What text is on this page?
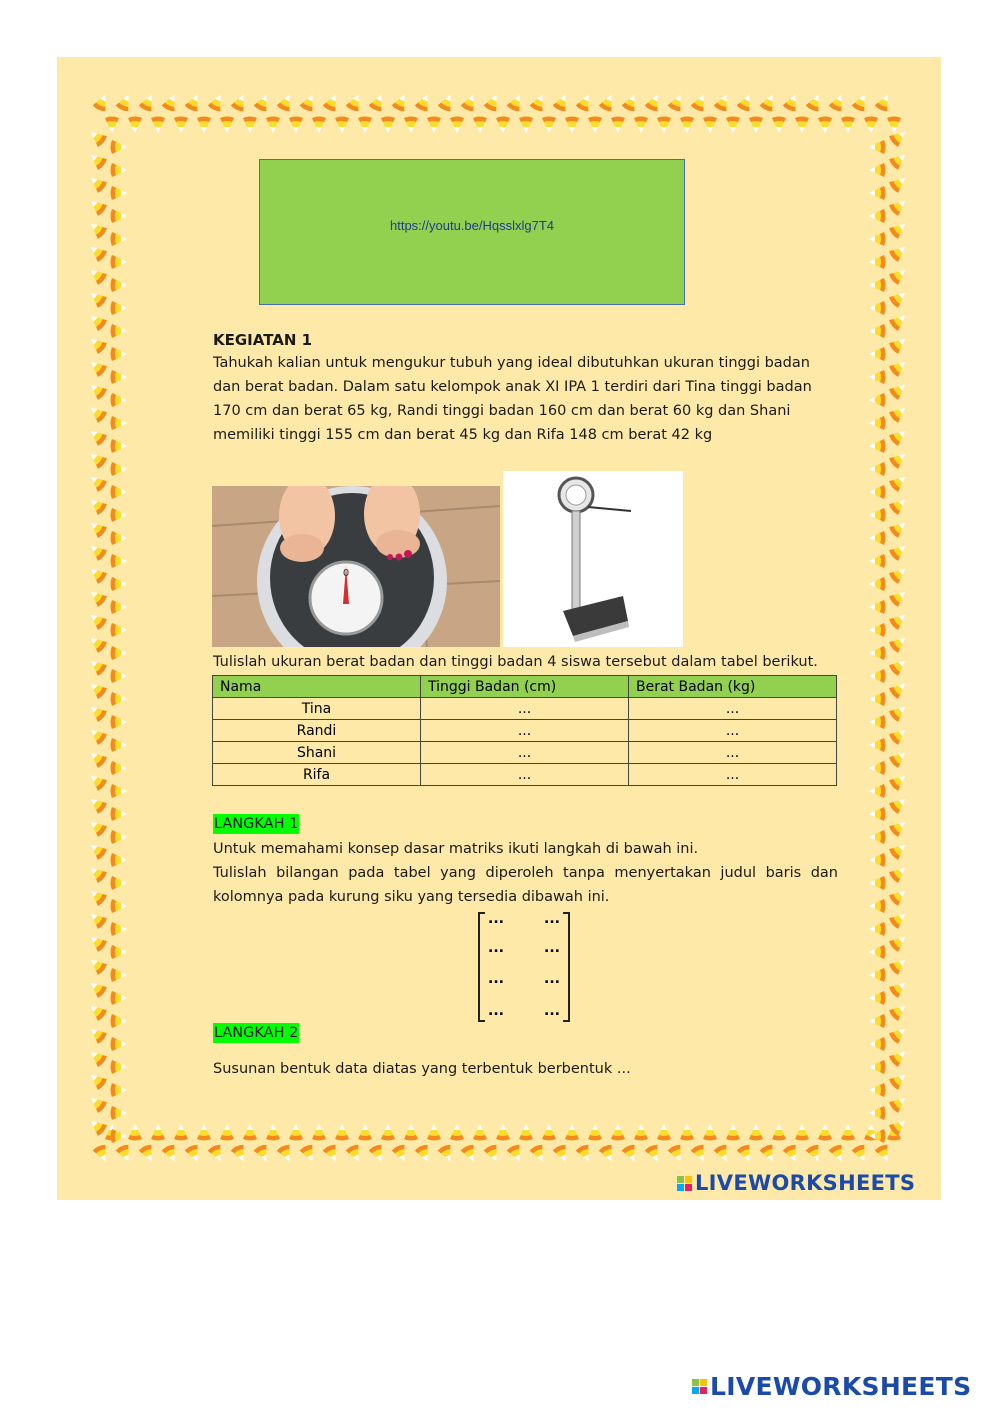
https://youtu.be/Hqsslxlg7T4
KEGIATAN 1
Tahukah kalian untuk mengukur tubuh yang ideal dibutuhkan ukuran tinggi badan dan berat badan. Dalam satu kelompok anak XI IPA 1 terdiri dari Tina tinggi badan 170 cm dan berat 65 kg, Randi tinggi badan 160 cm dan berat 60 kg dan Shani memiliki tinggi 155 cm dan berat 45 kg dan Rifa 148 cm berat 42 kg
0
Tulislah ukuran berat badan dan tinggi badan 4 siswa tersebut dalam tabel berikut.
Nama	Tinggi Badan (cm)	Berat Badan (kg)
Tina	...	...
Randi	...	...
Shani	...	...
Rifa	...	...
LANGKAH 1
Untuk memahami konsep dasar matriks ikuti langkah di bawah ini.
Tulislah bilangan pada tabel yang diperoleh tanpa menyertakan judul baris dan kolomnya pada kurung siku yang tersedia dibawah ini.
...	...
...	...
...	...
...	...
LANGKAH 2
Susunan bentuk data diatas yang terbentuk berbentuk ...
LIVEWORKSHEETS
LIVEWORKSHEETS
